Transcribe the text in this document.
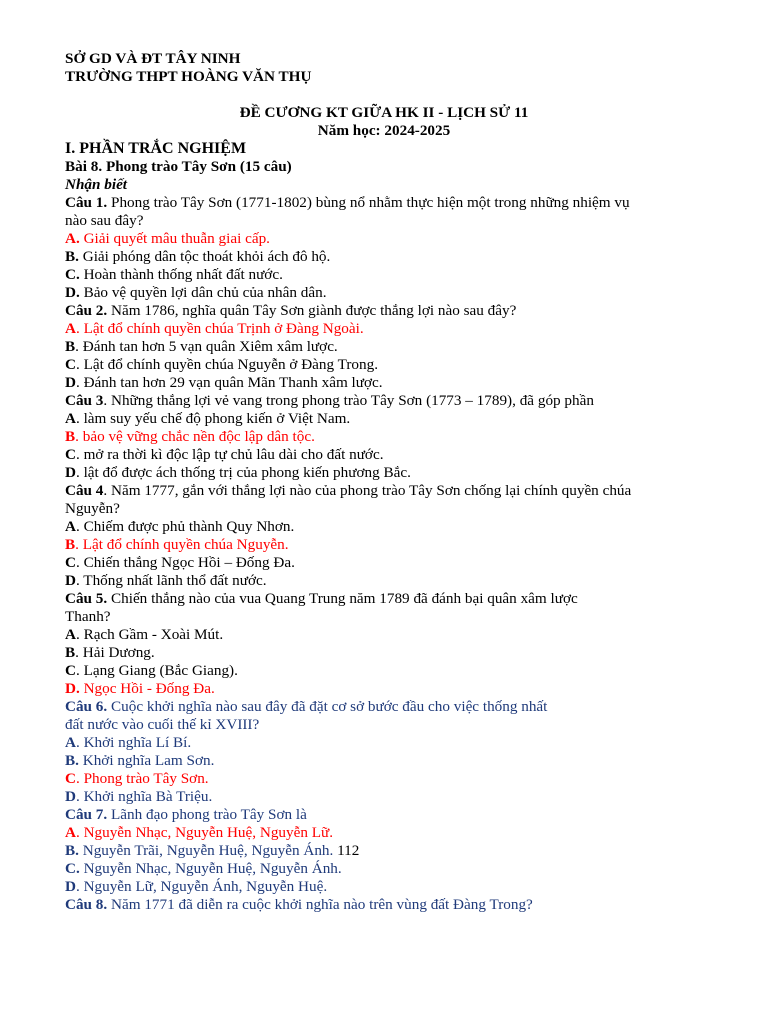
SỞ GD VÀ ĐT TÂY NINH
TRƯỜNG THPT HOÀNG VĂN THỤ
ĐỀ CƯƠNG KT GIỮA HK II - LỊCH SỬ 11
Năm học: 2024-2025
I. PHẦN TRẮC NGHIỆM
Bài 8. Phong trào Tây Sơn (15 câu)
Nhận biết
Câu 1. Phong trào Tây Sơn (1771-1802) bùng nổ nhằm thực hiện một trong những nhiệm vụ
nào sau đây?
A. Giải quyết mâu thuẫn giai cấp.
B. Giải phóng dân tộc thoát khỏi ách đô hộ.
C. Hoàn thành thống nhất đất nước.
D. Bảo vệ quyền lợi dân chủ của nhân dân.
Câu 2. Năm 1786, nghĩa quân Tây Sơn giành được thắng lợi nào sau đây?
A. Lật đổ chính quyền chúa Trịnh ở Đàng Ngoài.
B. Đánh tan hơn 5 vạn quân Xiêm xâm lược.
C. Lật đổ chính quyền chúa Nguyễn ở Đàng Trong.
D. Đánh tan hơn 29 vạn quân Mãn Thanh xâm lược.
Câu 3. Những thắng lợi vẻ vang trong phong trào Tây Sơn (1773 – 1789), đã góp phần
A. làm suy yếu chế độ phong kiến ở Việt Nam.
B. bảo vệ vững chắc nền độc lập dân tộc.
C. mở ra thời kì độc lập tự chủ lâu dài cho đất nước.
D. lật đổ được ách thống trị của phong kiến phương Bắc.
Câu 4. Năm 1777, gắn với thắng lợi nào của phong trào Tây Sơn chống lại chính quyền chúa
Nguyễn?
A. Chiếm được phủ thành Quy Nhơn.
B. Lật đổ chính quyền chúa Nguyễn.
C. Chiến thắng Ngọc Hồi – Đống Đa.
D. Thống nhất lãnh thổ đất nước.
Câu 5. Chiến thắng nào của vua Quang Trung năm 1789 đã đánh bại quân xâm lược
Thanh?
A. Rạch Gầm - Xoài Mút.
B. Hải Dương.
C. Lạng Giang (Bắc Giang).
D. Ngọc Hồi - Đống Đa.
Câu 6. Cuộc khởi nghĩa nào sau đây đã đặt cơ sở bước đầu cho việc thống nhất
đất nước vào cuối thế kỉ XVIII?
A. Khởi nghĩa Lí Bí.
B. Khởi nghĩa Lam Sơn.
C. Phong trào Tây Sơn.
D. Khởi nghĩa Bà Triệu.
Câu 7. Lãnh đạo phong trào Tây Sơn là
A. Nguyễn Nhạc, Nguyễn Huệ, Nguyễn Lữ.
B. Nguyễn Trãi, Nguyễn Huệ, Nguyễn Ánh. 112
C. Nguyễn Nhạc, Nguyễn Huệ, Nguyễn Ánh.
D. Nguyễn Lữ, Nguyễn Ánh, Nguyễn Huệ.
Câu 8. Năm 1771 đã diễn ra cuộc khởi nghĩa nào trên vùng đất Đàng Trong?
